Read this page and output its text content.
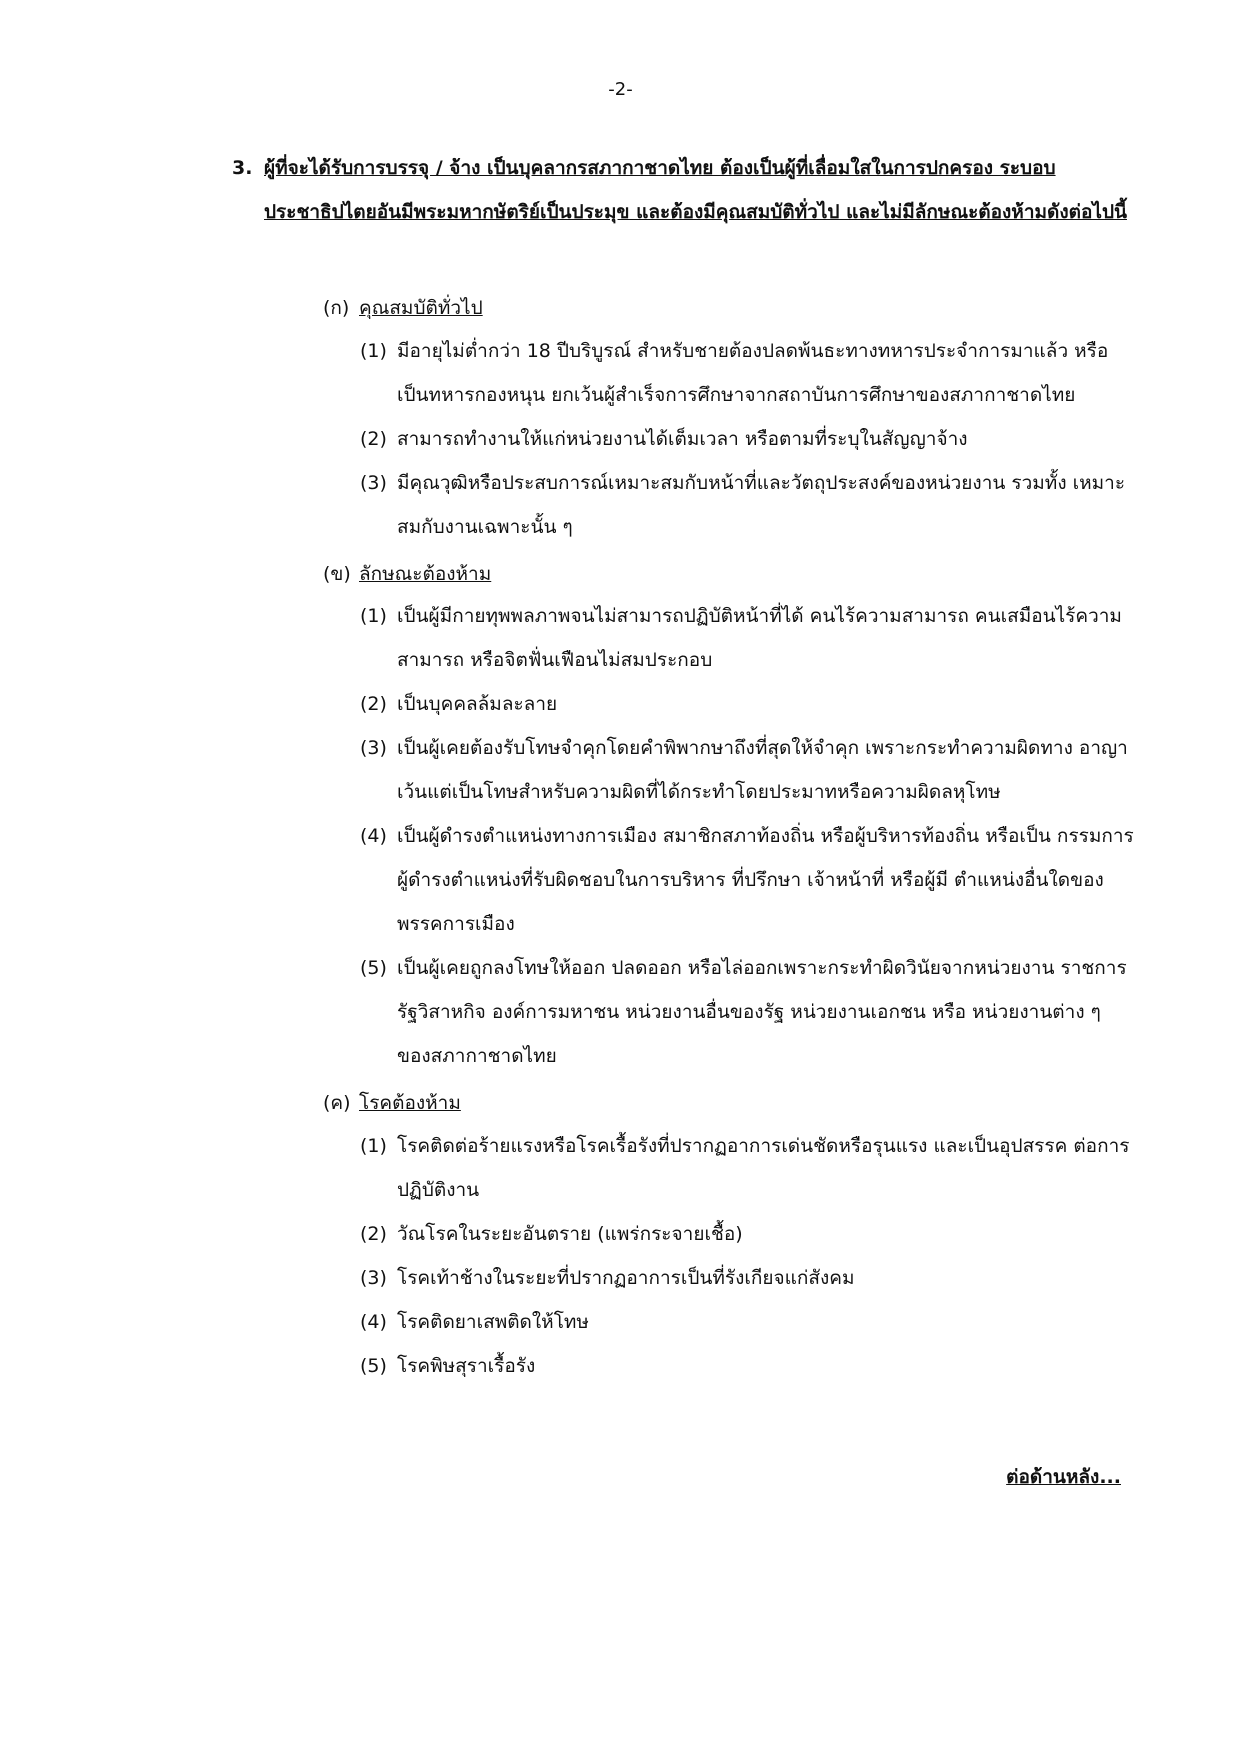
-2-
3. ผู้ที่จะได้รับการบรรจุ / จ้าง เป็นบุคลากรสภากาชาดไทย ต้องเป็นผู้ที่เลื่อมใสในการปกครอง ระบอบประชาธิปไตยอันมีพระมหากษัตริย์เป็นประมุข และต้องมีคุณสมบัติทั่วไป และไม่มีลักษณะต้องห้ามดังต่อไปนี้
(ก) คุณสมบัติทั่วไป
(1) มีอายุไม่ต่ำกว่า 18 ปีบริบูรณ์ สำหรับชายต้องปลดพ้นธะทางทหารประจำการมาแล้ว หรือเป็นทหารกองหนุน ยกเว้นผู้สำเร็จการศึกษาจากสถาบันการศึกษาของสภากาชาดไทย
(2) สามารถทำงานให้แก่หน่วยงานได้เต็มเวลา หรือตามที่ระบุในสัญญาจ้าง
(3) มีคุณวุฒิหรือประสบการณ์เหมาะสมกับหน้าที่และวัตถุประสงค์ของหน่วยงาน รวมทั้ง เหมาะสมกับงานเฉพาะนั้น ๆ
(ข) ลักษณะต้องห้าม
(1) เป็นผู้มีกายทุพพลภาพจนไม่สามารถปฏิบัติหน้าที่ได้ คนไร้ความสามารถ คนเสมือนไร้ความสามารถ หรือจิตฟั่นเฟือนไม่สมประกอบ
(2) เป็นบุคคลล้มละลาย
(3) เป็นผู้เคยต้องรับโทษจำคุกโดยคำพิพากษาถึงที่สุดให้จำคุก เพราะกระทำความผิดทาง อาญา เว้นแต่เป็นโทษสำหรับความผิดที่ได้กระทำโดยประมาทหรือความผิดลหุโทษ
(4) เป็นผู้ดำรงตำแหน่งทางการเมือง สมาชิกสภาท้องถิ่น หรือผู้บริหารท้องถิ่น หรือเป็น กรรมการ ผู้ดำรงตำแหน่งที่รับผิดชอบในการบริหาร ที่ปรึกษา เจ้าหน้าที่ หรือผู้มี ตำแหน่งอื่นใดของพรรคการเมือง
(5) เป็นผู้เคยถูกลงโทษให้ออก ปลดออก หรือไล่ออกเพราะกระทำผิดวินัยจากหน่วยงาน ราชการ รัฐวิสาหกิจ องค์การมหาชน หน่วยงานอื่นของรัฐ หน่วยงานเอกชน หรือ หน่วยงานต่าง ๆ ของสภากาชาดไทย
(ค) โรคต้องห้าม
(1) โรคติดต่อร้ายแรงหรือโรคเรื้อรังที่ปรากฏอาการเด่นชัดหรือรุนแรง และเป็นอุปสรรค ต่อการปฏิบัติงาน
(2) วัณโรคในระยะอันตราย (แพร่กระจายเชื้อ)
(3) โรคเท้าช้างในระยะที่ปรากฏอาการเป็นที่รังเกียจแก่สังคม
(4) โรคติดยาเสพติดให้โทษ
(5) โรคพิษสุราเรื้อรัง
ต่อด้านหลัง...
